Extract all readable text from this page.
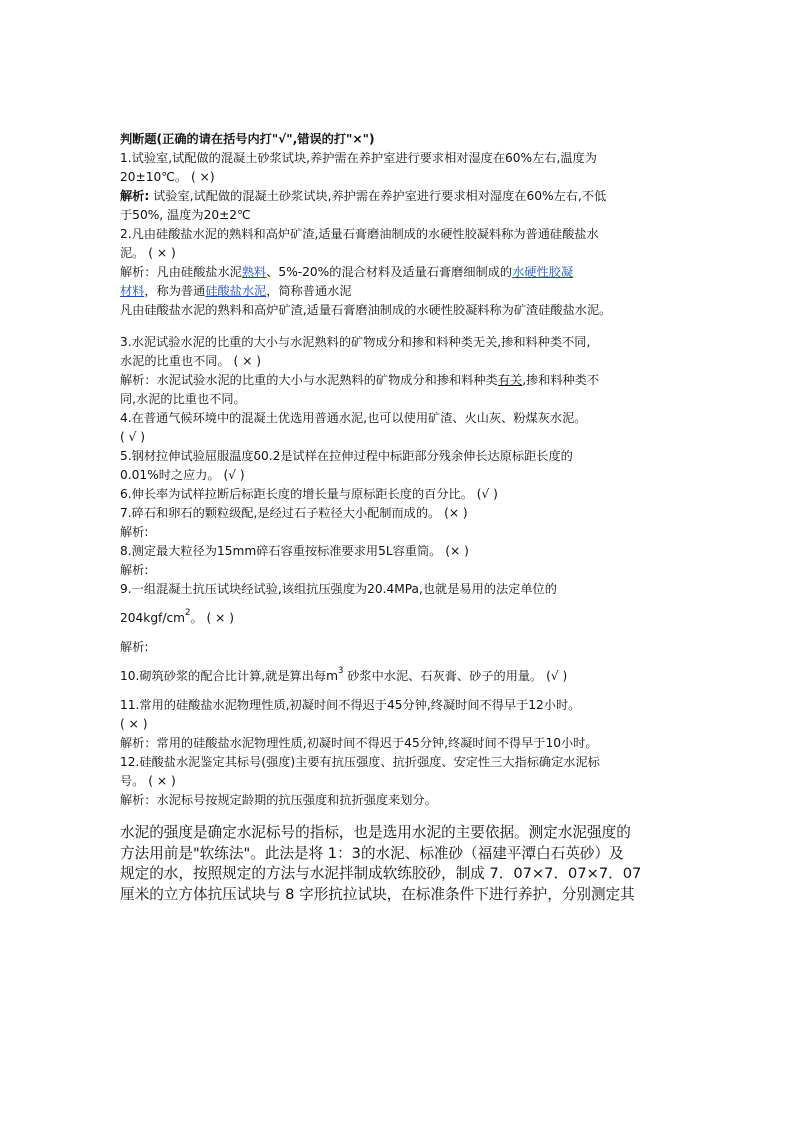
判断题(正确的请在括号内打"√",错误的打"×")

1.试验室,试配做的混凝土砂浆试块,养护需在养护室进行要求相对湿度在60%左右,温度为

20±10℃。 ( ×)

解析: 试验室,试配做的混凝土砂浆试块,养护需在养护室进行要求相对湿度在60%左右,不低

于50%, 温度为20±2℃

2.凡由硅酸盐水泥的熟料和高炉矿渣,适量石膏磨油制成的水硬性胶凝料称为普通硅酸盐水

泥。 ( × )

解析：凡由硅酸盐水泥熟料、5%-20%的混合材料及适量石膏磨细制成的水硬性胶凝

材料，称为普通硅酸盐水泥，简称普通水泥

凡由硅酸盐水泥的熟料和高炉矿渣,适量石膏磨油制成的水硬性胶凝料称为矿渣硅酸盐水泥。

3.水泥试验水泥的比重的大小与水泥熟料的矿物成分和掺和料种类无关,掺和料种类不同,

水泥的比重也不同。 ( × )

解析：水泥试验水泥的比重的大小与水泥熟料的矿物成分和掺和料种类有关,掺和料种类不

同,水泥的比重也不同。

4.在普通气候环境中的混凝土优选用普通水泥,也可以使用矿渣、火山灰、粉煤灰水泥。

( √ )

5.钢材拉伸试验屈服温度δ0.2是试样在拉伸过程中标距部分残余伸长达原标距长度的

0.01%时之应力。 (√ )

6.伸长率为试样拉断后标距长度的增长量与原标距长度的百分比。 (√ )

7.碎石和卵石的颗粒级配,是经过石子粒径大小配制而成的。 (× )

解析:

8.测定最大粒径为15mm碎石容重按标准要求用5L容重筒。 (× )

解析:

9.一组混凝土抗压试块经试验,该组抗压强度为20.4MPa,也就是易用的法定单位的

$204kgf/cm^2$。 ( × )

解析:

10.砌筑砂浆的配合比计算,就是算出每$m^3$ 砂浆中水泥、石灰膏、砂子的用量。 (√ )

11.常用的硅酸盐水泥物理性质,初凝时间不得迟于45分钟,终凝时间不得早于12小时。

( × )

解析：常用的硅酸盐水泥物理性质,初凝时间不得迟于45分钟,终凝时间不得早于10小时。

12.硅酸盐水泥鉴定其标号(强度)主要有抗压强度、抗折强度、安定性三大指标确定水泥标

号。 ( × )

解析：水泥标号按规定龄期的抗压强度和抗折强度来划分。

水泥的强度是确定水泥标号的指标，也是选用水泥的主要依据。测定水泥强度的

方法用前是"软练法"。此法是将 1：3的水泥、标准砂（福建平潭白石英砂）及

规定的水，按照规定的方法与水泥拌制成软练胶砂，制成 7．07×7．07×7．07

厘米的立方体抗压试块与 8 字形抗拉试块，在标准条件下进行养护，分别测定其
